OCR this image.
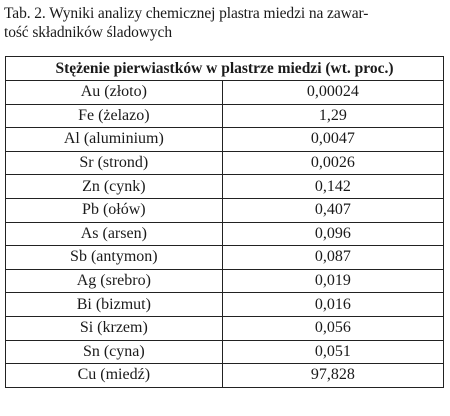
Tab. 2. Wyniki analizy chemicznej plastra miedzi na zawar-
tość składników śladowych
Stężenie pierwiastków w plastrze miedzi (wt. proc.)	
Au (złoto)	0,00024
Fe (żelazo)	1,29
Al (aluminium)	0,0047
Sr (strond)	0,0026
Zn (cynk)	0,142
Pb (ołów)	0,407
As (arsen)	0,096
Sb (antymon)	0,087
Ag (srebro)	0,019
Bi (bizmut)	0,016
Si (krzem)	0,056
Sn (cyna)	0,051
Cu (miedź)	97,828
